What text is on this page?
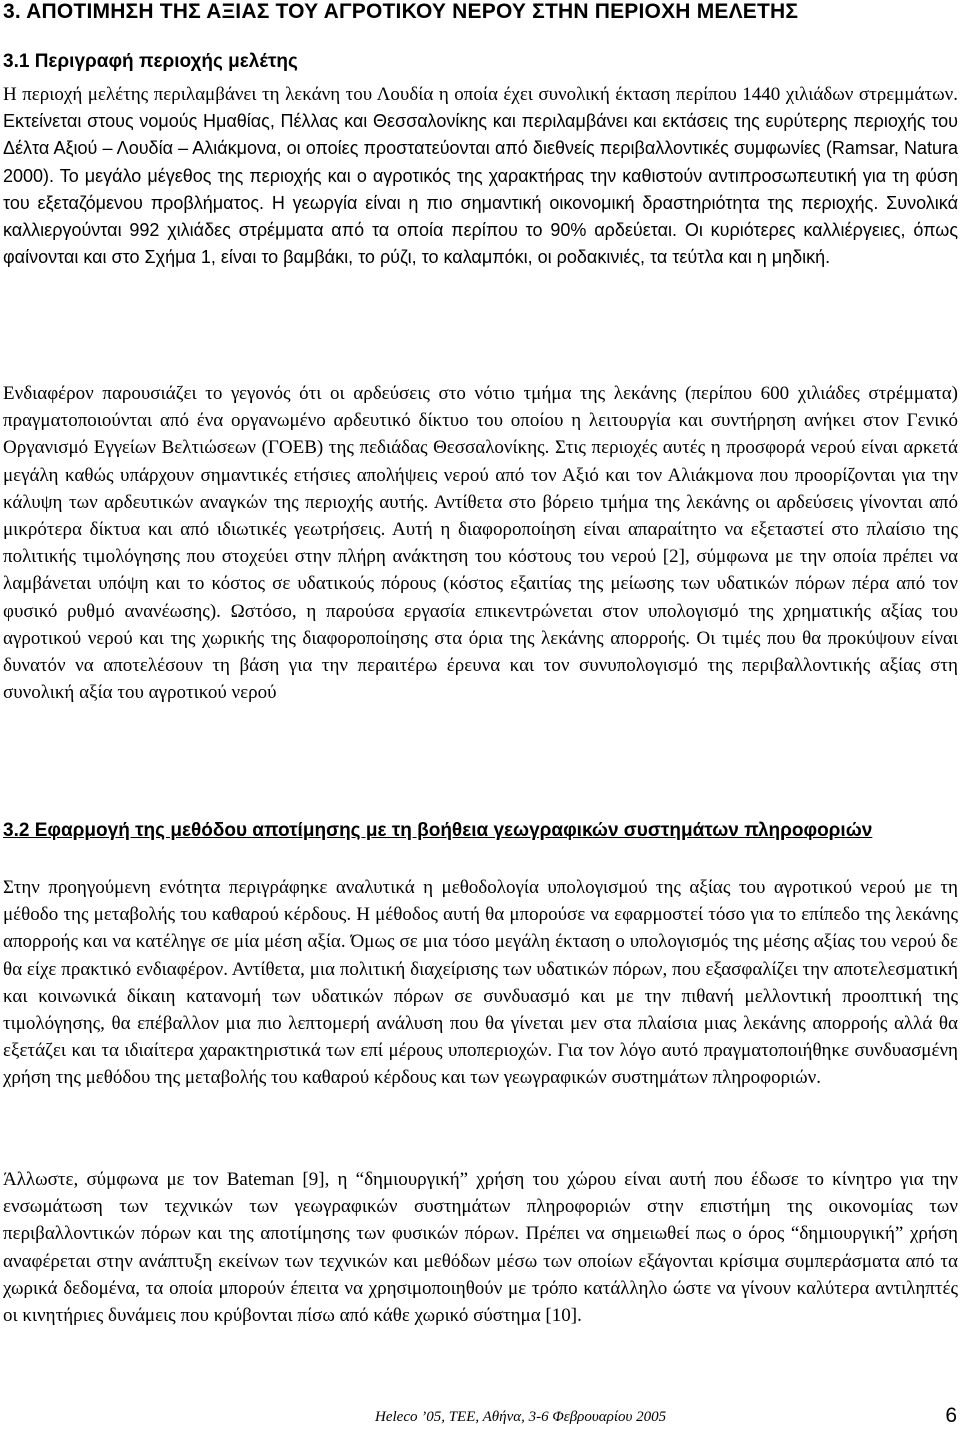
3. ΑΠΟΤΙΜΗΣΗ ΤΗΣ ΑΞΙΑΣ ΤΟΥ ΑΓΡΟΤΙΚΟΥ ΝΕΡΟΥ ΣΤΗΝ ΠΕΡΙΟΧΗ ΜΕΛΕΤΗΣ
3.1 Περιγραφή περιοχής μελέτης

Η περιοχή μελέτης περιλαμβάνει τη λεκάνη του Λουδία η οποία έχει συνολική έκταση περίπου 1440 χιλιάδων στρεμμάτων. Εκτείνεται στους νομούς Ημαθίας, Πέλλας και Θεσσαλονίκης και περιλαμβάνει και εκτάσεις της ευρύτερης περιοχής του Δέλτα Αξιού – Λουδία – Αλιάκμονα, οι οποίες προστατεύονται από διεθνείς περιβαλλοντικές συμφωνίες (Ramsar, Natura 2000). Το μεγάλο μέγεθος της περιοχής και ο αγροτικός της χαρακτήρας την καθιστούν αντιπροσωπευτική για τη φύση του εξεταζόμενου προβλήματος. Η γεωργία είναι η πιο σημαντική οικονομική δραστηριότητα της περιοχής. Συνολικά καλλιεργούνται 992 χιλιάδες στρέμματα από τα οποία περίπου το 90% αρδεύεται. Οι κυριότερες καλλιέργειες, όπως φαίνονται και στο Σχήμα 1, είναι το βαμβάκι, το ρύζι, το καλαμπόκι, οι ροδακινιές, τα τεύτλα και η μηδική.

Ενδιαφέρον παρουσιάζει το γεγονός ότι οι αρδεύσεις στο νότιο τμήμα της λεκάνης (περίπου 600 χιλιάδες στρέμματα) πραγματοποιούνται από ένα οργανωμένο αρδευτικό δίκτυο του οποίου η λειτουργία και συντήρηση ανήκει στον Γενικό Οργανισμό Εγγείων Βελτιώσεων (ΓΟΕΒ) της πεδιάδας Θεσσαλονίκης. Στις περιοχές αυτές η προσφορά νερού είναι αρκετά μεγάλη καθώς υπάρχουν σημαντικές ετήσιες απολήψεις νερού από τον Αξιό και τον Αλιάκμονα που προορίζονται για την κάλυψη των αρδευτικών αναγκών της περιοχής αυτής. Αντίθετα στο βόρειο τμήμα της λεκάνης οι αρδεύσεις γίνονται από μικρότερα δίκτυα και από ιδιωτικές γεωτρήσεις. Αυτή η διαφοροποίηση είναι απαραίτητο να εξεταστεί στο πλαίσιο της πολιτικής τιμολόγησης που στοχεύει στην πλήρη ανάκτηση του κόστους του νερού [2], σύμφωνα με την οποία πρέπει να λαμβάνεται υπόψη και το κόστος σε υδατικούς πόρους (κόστος εξαιτίας της μείωσης των υδατικών πόρων πέρα από τον φυσικό ρυθμό ανανέωσης). Ωστόσο, η παρούσα εργασία επικεντρώνεται στον υπολογισμό της χρηματικής αξίας του αγροτικού νερού και της χωρικής της διαφοροποίησης στα όρια της λεκάνης απορροής. Οι τιμές που θα προκύψουν είναι δυνατόν να αποτελέσουν τη βάση για την περαιτέρω έρευνα και τον συνυπολογισμό της περιβαλλοντικής αξίας στη συνολική αξία του αγροτικού νερού

3.2 Εφαρμογή της μεθόδου αποτίμησης με τη βοήθεια γεωγραφικών συστημάτων πληροφοριών

Στην προηγούμενη ενότητα περιγράφηκε αναλυτικά η μεθοδολογία υπολογισμού της αξίας του αγροτικού νερού με τη μέθοδο της μεταβολής του καθαρού κέρδους. Η μέθοδος αυτή θα μπορούσε να εφαρμοστεί τόσο για το επίπεδο της λεκάνης απορροής και να κατέληγε σε μία μέση αξία. Όμως σε μια τόσο μεγάλη έκταση ο υπολογισμός της μέσης αξίας του νερού δε θα είχε πρακτικό ενδιαφέρον. Αντίθετα, μια πολιτική διαχείρισης των υδατικών πόρων, που εξασφαλίζει την αποτελεσματική και κοινωνικά δίκαιη κατανομή των υδατικών πόρων σε συνδυασμό και με την πιθανή μελλοντική προοπτική της τιμολόγησης, θα επέβαλλον μια πιο λεπτομερή ανάλυση που θα γίνεται μεν στα πλαίσια μιας λεκάνης απορροής αλλά θα εξετάζει και τα ιδιαίτερα χαρακτηριστικά των επί μέρους υποπεριοχών. Για τον λόγο αυτό πραγματοποιήθηκε συνδυασμένη χρήση της μεθόδου της μεταβολής του καθαρού κέρδους και των γεωγραφικών συστημάτων πληροφοριών.

Άλλωστε, σύμφωνα με τον Bateman [9], η “δημιουργική” χρήση του χώρου είναι αυτή που έδωσε το κίνητρο για την ενσωμάτωση των τεχνικών των γεωγραφικών συστημάτων πληροφοριών στην επιστήμη της οικονομίας των περιβαλλοντικών πόρων και της αποτίμησης των φυσικών πόρων. Πρέπει να σημειωθεί πως ο όρος “δημιουργική” χρήση αναφέρεται στην ανάπτυξη εκείνων των τεχνικών και μεθόδων μέσω των οποίων εξάγονται κρίσιμα συμπεράσματα από τα χωρικά δεδομένα, τα οποία μπορούν έπειτα να χρησιμοποιηθούν με τρόπο κατάλληλο ώστε να γίνουν καλύτερα αντιληπτές οι κινητήριες δυνάμεις που κρύβονται πίσω από κάθε χωρικό σύστημα [10].

Heleco ’05, ΤΕΕ, Αθήνα, 3-6 Φεβρουαρίου 2005	6
